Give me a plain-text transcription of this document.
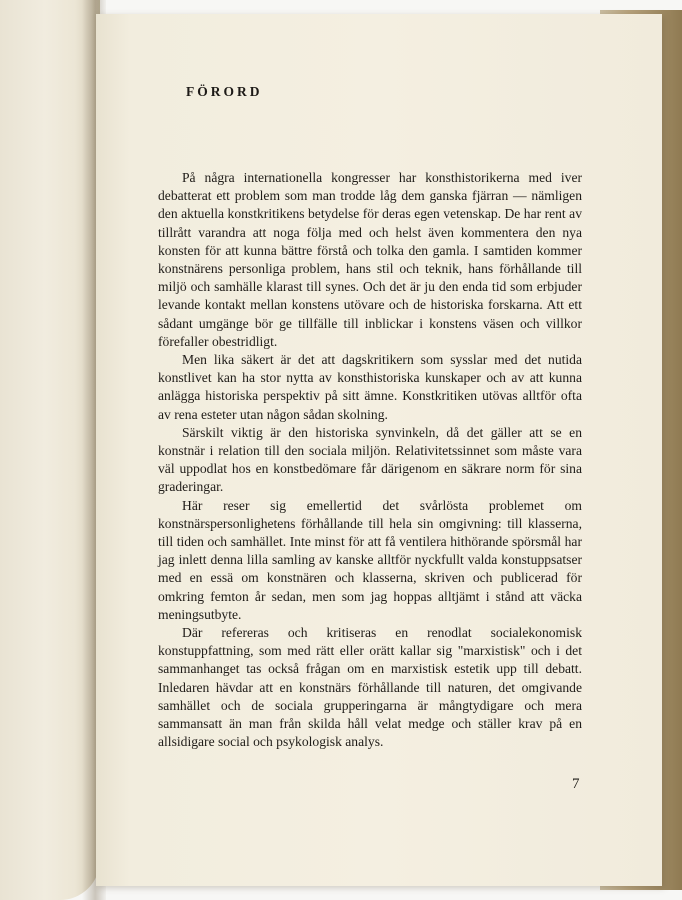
FÖRORD

På några internationella kongresser har konsthistorikerna med iver debatterat ett problem som man trodde låg dem ganska fjärran — nämligen den aktuella konstkritikens betydelse för deras egen vetenskap. De har rent av tillrått varandra att noga följa med och helst även kommentera den nya konsten för att kunna bättre förstå och tolka den gamla. I samtiden kommer konstnärens personliga problem, hans stil och teknik, hans förhållande till miljö och samhälle klarast till synes. Och det är ju den enda tid som erbjuder levande kontakt mellan konstens utövare och de historiska forskarna. Att ett sådant umgänge bör ge tillfälle till inblickar i konstens väsen och villkor förefaller obestridligt.

Men lika säkert är det att dagskritikern som sysslar med det nutida konstlivet kan ha stor nytta av konsthistoriska kunskaper och av att kunna anlägga historiska perspektiv på sitt ämne. Konstkritiken utövas alltför ofta av rena esteter utan någon sådan skolning.

Särskilt viktig är den historiska synvinkeln, då det gäller att se en konstnär i relation till den sociala miljön. Relativitetssinnet som måste vara väl uppodlat hos en konstbedömare får därigenom en säkrare norm för sina graderingar.

Här reser sig emellertid det svårlösta problemet om konstnärspersonlighetens förhållande till hela sin omgivning: till klasserna, till tiden och samhället. Inte minst för att få ventilera hithörande spörsmål har jag inlett denna lilla samling av kanske alltför nyckfullt valda konstuppsatser med en essä om konstnären och klasserna, skriven och publicerad för omkring femton år sedan, men som jag hoppas alltjämt i stånd att väcka meningsutbyte.

Där refereras och kritiseras en renodlat socialekonomisk konstuppfattning, som med rätt eller orätt kallar sig "marxistisk" och i det sammanhanget tas också frågan om en marxistisk estetik upp till debatt. Inledaren hävdar att en konstnärs förhållande till naturen, det omgivande samhället och de sociala grupperingarna är mångtydigare och mera sammansatt än man från skilda håll velat medge och ställer krav på en allsidigare social och psykologisk analys.

7
